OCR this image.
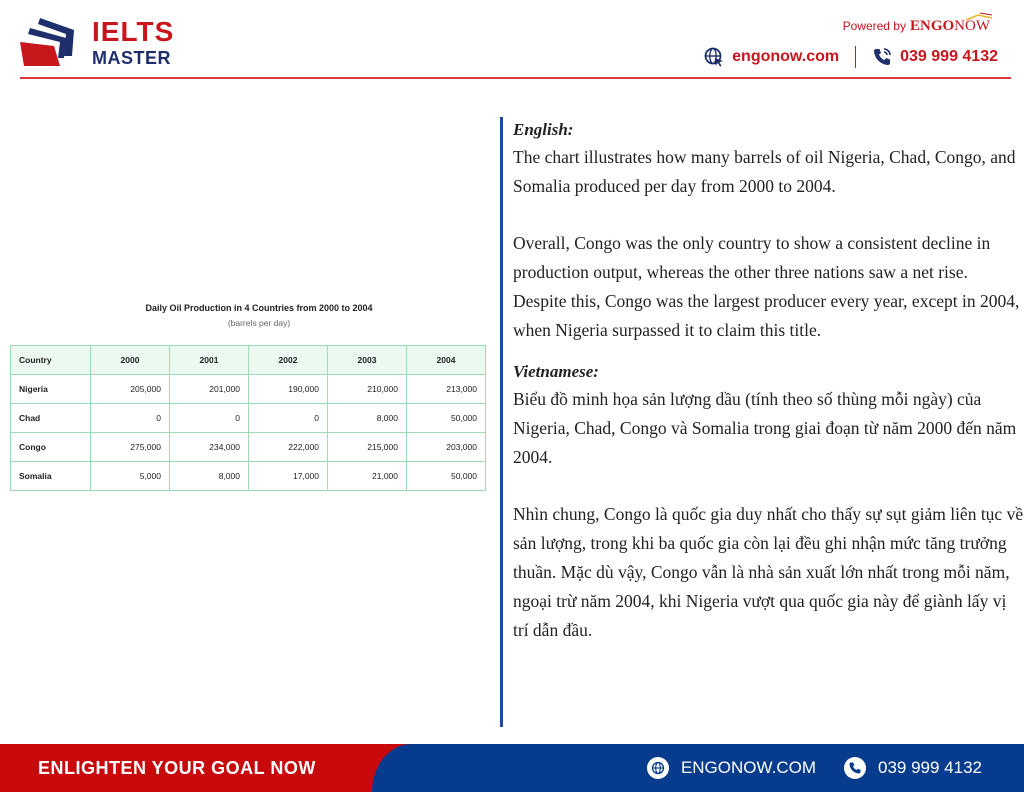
IELTS
MASTER
Powered by ENGONOW
engonow.com	039 999 4132
Daily Oil Production in 4 Countries from 2000 to 2004
(barrels per day)
Country	2000	2001	2002	2003	2004
Nigeria	205,000	201,000	190,000	210,000	213,000
Chad	0	0	0	8,000	50,000
Congo	275,000	234,000	222,000	215,000	203,000
Somalia	5,000	8,000	17,000	21,000	50,000
English:

The chart illustrates how many barrels of oil Nigeria, Chad, Congo, and Somalia produced per day from 2000 to 2004.

Overall, Congo was the only country to show a consistent decline in production output, whereas the other three nations saw a net rise. Despite this, Congo was the largest producer every year, except in 2004, when Nigeria surpassed it to claim this title.

Vietnamese:

Biểu đồ minh họa sản lượng dầu (tính theo số thùng mỗi ngày) của Nigeria, Chad, Congo và Somalia trong giai đoạn từ năm 2000 đến năm 2004.

Nhìn chung, Congo là quốc gia duy nhất cho thấy sự sụt giảm liên tục về sản lượng, trong khi ba quốc gia còn lại đều ghi nhận mức tăng trưởng thuần. Mặc dù vậy, Congo vẫn là nhà sản xuất lớn nhất trong mỗi năm, ngoại trừ năm 2004, khi Nigeria vượt qua quốc gia này để giành lấy vị trí dẫn đầu.

ENLIGHTEN YOUR GOAL NOW	ENGONOW.COM	039 999 4132
